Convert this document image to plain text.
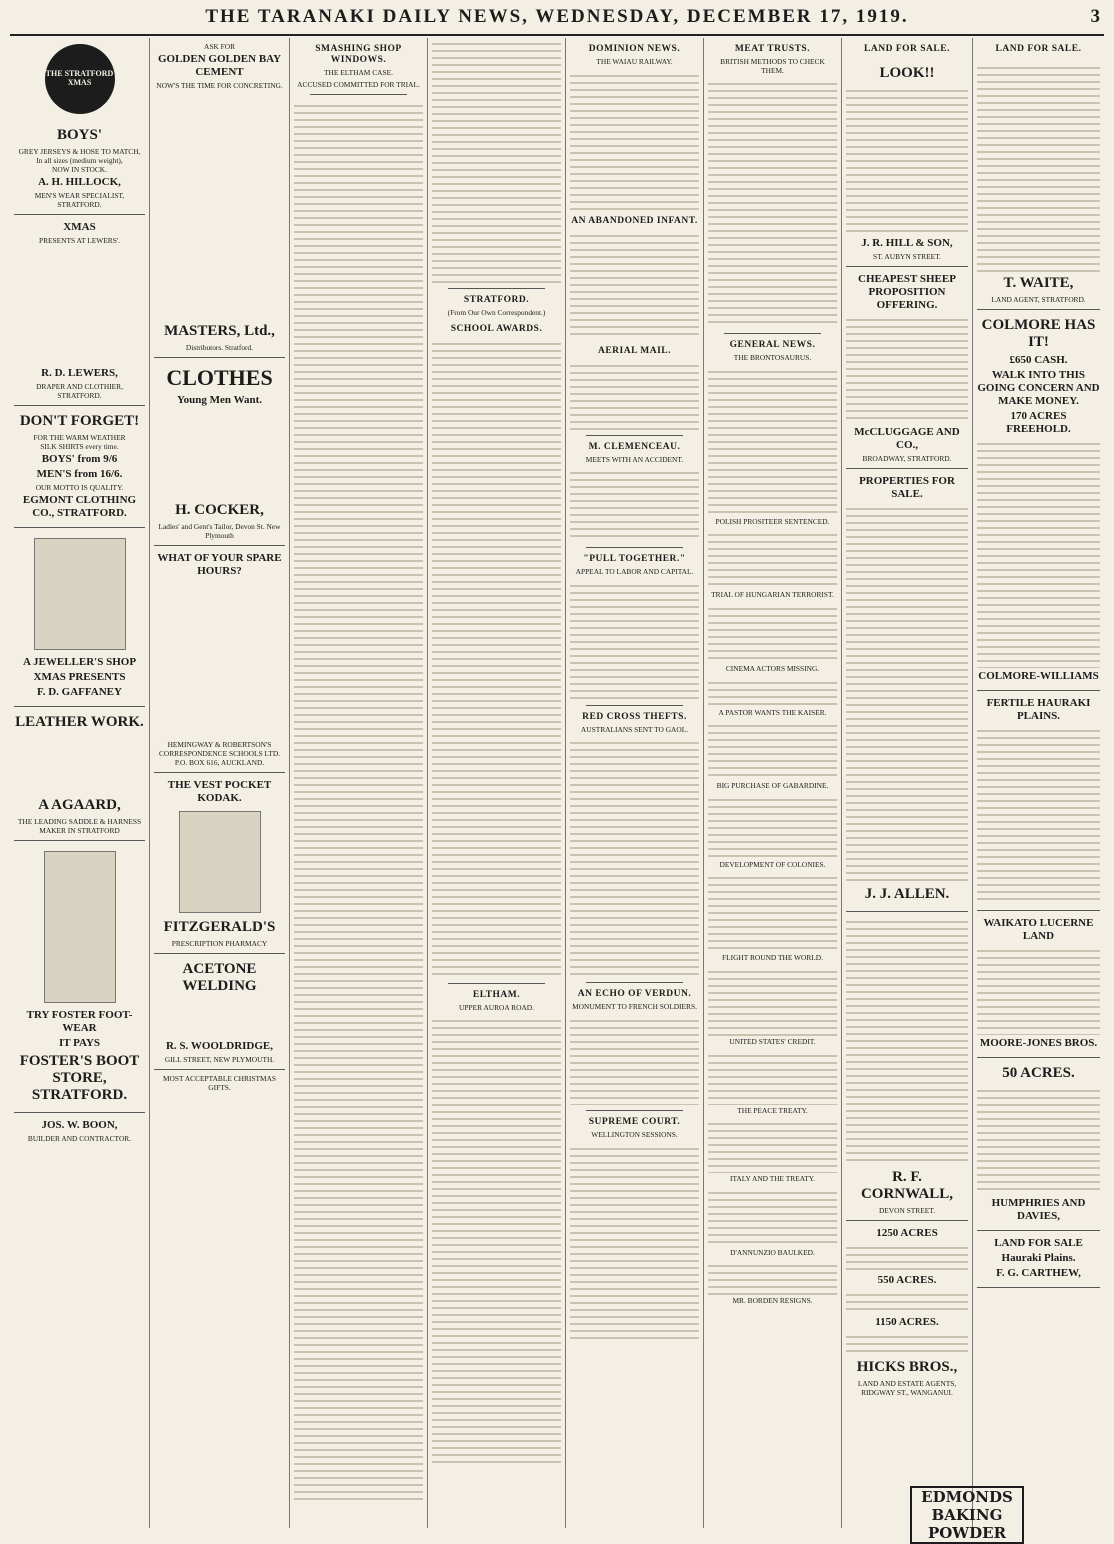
THE TARANAKI DAILY NEWS, WEDNESDAY, DECEMBER 17, 1919.	3
THE STRATFORD XMAS
BOYS'
GREY JERSEYS & HOSE TO MATCH,
In all sizes (medium weight),
NOW IN STOCK.
A. H. HILLOCK,
MEN'S WEAR SPECIALIST, STRATFORD.
XMAS
PRESENTS AT LEWERS'.
R. D. LEWERS,
DRAPER AND CLOTHIER, STRATFORD.
DON'T FORGET!
FOR THE WARM WEATHER
SILK SHIRTS every time.
BOYS' from 9/6
MEN'S from 16/6.
OUR MOTTO IS QUALITY.
EGMONT CLOTHING CO., STRATFORD.
A JEWELLER'S SHOP
XMAS PRESENTS
F. D. GAFFANEY
LEATHER WORK.
A AGAARD,
THE LEADING SADDLE & HARNESS MAKER IN STRATFORD
TRY FOSTER FOOT-WEAR
IT PAYS
FOSTER'S BOOT STORE, STRATFORD.
JOS. W. BOON,
BUILDER AND CONTRACTOR.
ASK FOR
GOLDEN GOLDEN BAY CEMENT
NOW'S THE TIME FOR CONCRETING.
MASTERS, Ltd.,
Distributors. Stratford.
CLOTHES
Young Men Want.
H. COCKER,
Ladies' and Gent's Tailor, Devon St. New Plymouth
WHAT OF YOUR SPARE HOURS?
HEMINGWAY & ROBERTSON'S CORRESPONDENCE SCHOOLS LTD.
P.O. BOX 616, AUCKLAND.
THE VEST POCKET KODAK.
FITZGERALD'S
PRESCRIPTION PHARMACY
ACETONE WELDING
R. S. WOOLDRIDGE,
GILL STREET, NEW PLYMOUTH.
MOST ACCEPTABLE CHRISTMAS GIFTS.
SMASHING SHOP WINDOWS.
THE ELTHAM CASE.
ACCUSED COMMITTED FOR TRIAL.
STRATFORD.
(From Our Own Correspondent.)
SCHOOL AWARDS.
ELTHAM.
UPPER AUROA ROAD.
DOMINION NEWS.
THE WAIAU RAILWAY.
AN ABANDONED INFANT.
AERIAL MAIL.
M. CLEMENCEAU.
MEETS WITH AN ACCIDENT.
"PULL TOGETHER."
APPEAL TO LABOR AND CAPITAL.
RED CROSS THEFTS.
AUSTRALIANS SENT TO GAOL.
AN ECHO OF VERDUN.
MONUMENT TO FRENCH SOLDIERS.
SUPREME COURT.
WELLINGTON SESSIONS.
MEAT TRUSTS.
BRITISH METHODS TO CHECK THEM.
GENERAL NEWS.
THE BRONTOSAURUS.
POLISH PROSITEER SENTENCED.
TRIAL OF HUNGARIAN TERRORIST.
CINEMA ACTORS MISSING.
A PASTOR WANTS THE KAISER.
BIG PURCHASE OF GABARDINE.
DEVELOPMENT OF COLONIES.
FLIGHT ROUND THE WORLD.
UNITED STATES' CREDIT.
THE PEACE TREATY.
ITALY AND THE TREATY.
D'ANNUNZIO BAULKED.
MR. BORDEN RESIGNS.
LAND FOR SALE.
LOOK!!
J. R. HILL & SON,
ST. AUBYN STREET.
CHEAPEST SHEEP PROPOSITION OFFERING.
McCLUGGAGE AND CO.,
BROADWAY, STRATFORD.
PROPERTIES FOR SALE.
J. J. ALLEN.
R. F. CORNWALL,
DEVON STREET.
1250 ACRES
550 ACRES.
1150 ACRES.
HICKS BROS.,
LAND AND ESTATE AGENTS, RIDGWAY ST., WANGANUI.
LAND FOR SALE.
T. WAITE,
LAND AGENT, STRATFORD.
COLMORE HAS IT!
£650 CASH.
WALK INTO THIS GOING CONCERN AND MAKE MONEY.
170 ACRES FREEHOLD.
COLMORE-WILLIAMS
FERTILE HAURAKI PLAINS.
WAIKATO LUCERNE LAND
MOORE-JONES BROS.
50 ACRES.
HUMPHRIES AND DAVIES,
LAND FOR SALE
Hauraki Plains.
F. G. CARTHEW,
EDMONDS BAKING POWDER
